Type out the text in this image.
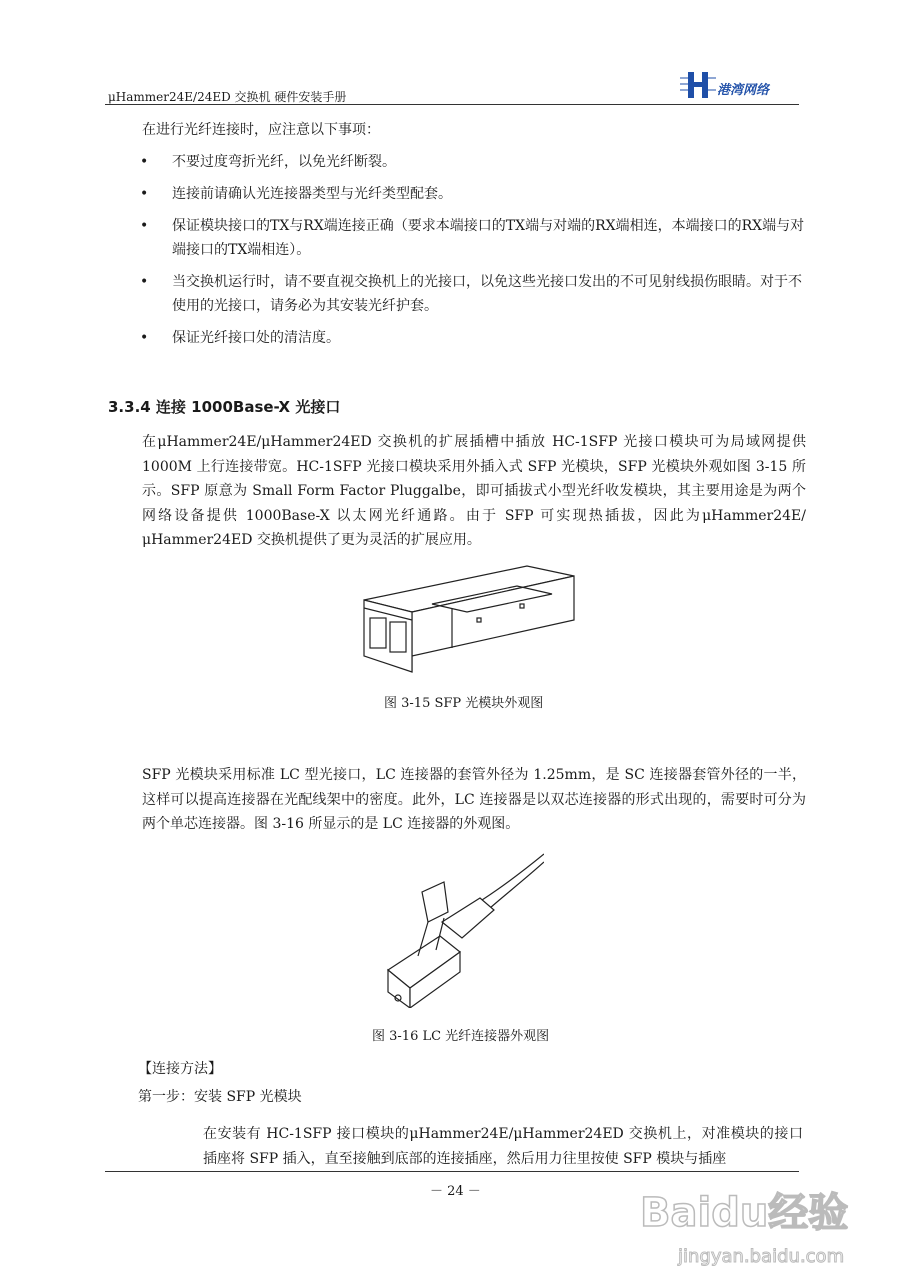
μHammer24E/24ED 交换机 硬件安装手册	港湾网络
在进行光纤连接时，应注意以下事项：
• 不要过度弯折光纤，以免光纤断裂。
• 连接前请确认光连接器类型与光纤类型配套。
• 保证模块接口的TX与RX端连接正确（要求本端接口的TX端与对端的RX端相连，本端接口的RX端与对端接口的TX端相连）。
• 当交换机运行时，请不要直视交换机上的光接口，以免这些光接口发出的不可见射线损伤眼睛。对于不使用的光接口，请务必为其安装光纤护套。
• 保证光纤接口处的清洁度。
3.3.4 连接 1000Base-X 光接口
在μHammer24E/μHammer24ED 交换机的扩展插槽中插放 HC-1SFP 光接口模块可为局域网提供1000M 上行连接带宽。HC-1SFP 光接口模块采用外插入式 SFP 光模块，SFP 光模块外观如图 3-15 所示。SFP 原意为 Small Form Factor Pluggalbe，即可插拔式小型光纤收发模块，其主要用途是为两个网络设备提供 1000Base-X 以太网光纤通路。由于 SFP 可实现热插拔，因此为μHammer24E/μHammer24ED 交换机提供了更为灵活的扩展应用。
图 3-15 SFP 光模块外观图
SFP 光模块采用标准 LC 型光接口，LC 连接器的套管外径为 1.25mm，是 SC 连接器套管外径的一半，这样可以提高连接器在光配线架中的密度。此外，LC 连接器是以双芯连接器的形式出现的，需要时可分为两个单芯连接器。图 3-16 所显示的是 LC 连接器的外观图。
图 3-16 LC 光纤连接器外观图
【连接方法】
第一步：安装 SFP 光模块
在安装有 HC-1SFP 接口模块的μHammer24E/μHammer24ED 交换机上，对准模块的接口插座将 SFP 插入，直至接触到底部的连接插座，然后用力往里按使 SFP 模块与插座
－ 24 －	Baidu经验
jingyan.baidu.com
